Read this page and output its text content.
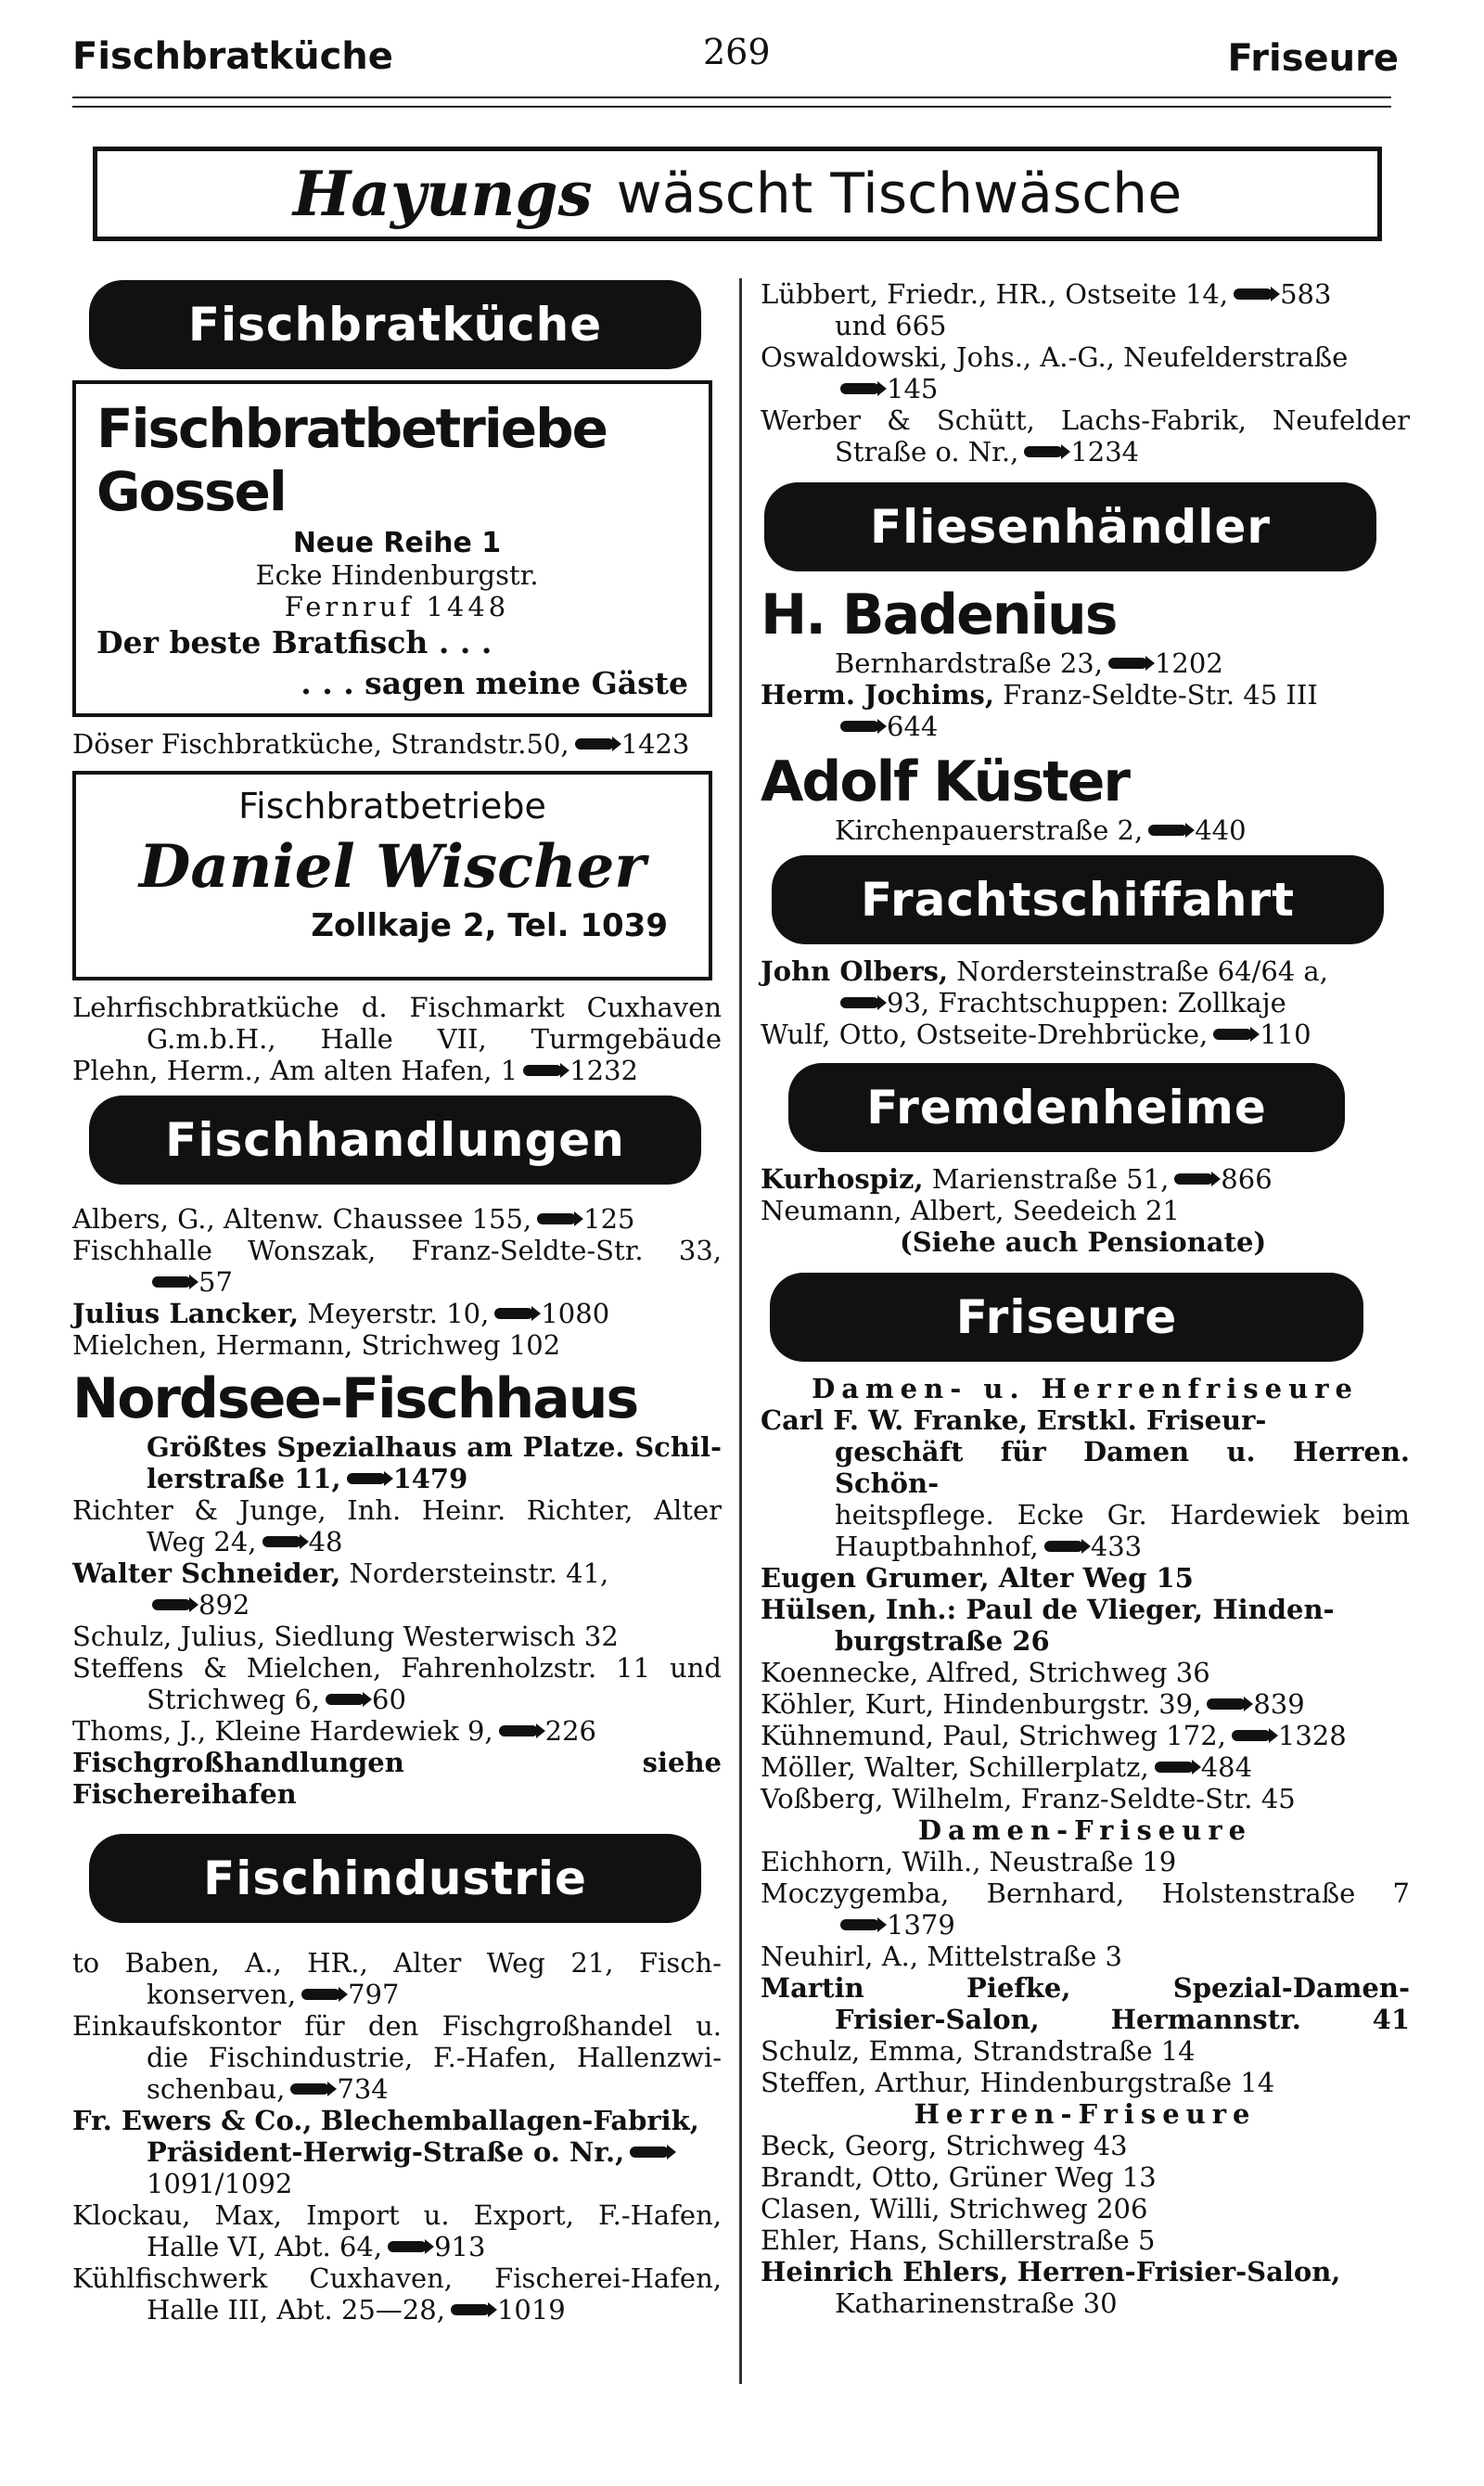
Fischbratküche	269	Friseure
Hayungs wäscht Tischwäsche
Fischbratküche
Fischbratbetriebe Gossel
Neue Reihe 1
Ecke Hindenburgstr.
Fernruf 1448
Der beste Bratfisch . . .
. . . sagen meine Gäste
Döser Fischbratküche, Strandstr.50, 1423
Fischbratbetriebe
Daniel Wischer
Zollkaje 2, Tel. 1039
Lehrfischbratküche d. Fischmarkt Cuxhaven
G.m.b.H., Halle VII, Turmgebäude
Plehn, Herm., Am alten Hafen, 1 1232
Fischhandlungen
Albers, G., Altenw. Chaussee 155, 125
Fischhalle Wonszak, Franz-Seldte-Str. 33,
57
Julius Lancker, Meyerstr. 10, 1080
Mielchen, Hermann, Strichweg 102
Nordsee-Fischhaus
Größtes Spezialhaus am Platze. Schil-
lerstraße 11, 1479
Richter & Junge, Inh. Heinr. Richter, Alter
Weg 24, 48
Walter Schneider, Nordersteinstr. 41,
892
Schulz, Julius, Siedlung Westerwisch 32
Steffens & Mielchen, Fahrenholzstr. 11 und
Strichweg 6, 60
Thoms, J., Kleine Hardewiek 9, 226
Fischgroßhandlungen siehe Fischereihafen
Fischindustrie
to Baben, A., HR., Alter Weg 21, Fisch-
konserven, 797
Einkaufskontor für den Fischgroßhandel u.
die Fischindustrie, F.-Hafen, Hallenzwi-
schenbau, 734
Fr. Ewers & Co., Blechemballagen-Fabrik,
Präsident-Herwig-Straße o. Nr.,
1091/1092
Klockau, Max, Import u. Export, F.-Hafen,
Halle VI, Abt. 64, 913
Kühlfischwerk Cuxhaven, Fischerei-Hafen,
Halle III, Abt. 25—28, 1019
Lübbert, Friedr., HR., Ostseite 14, 583
und 665
Oswaldowski, Johs., A.-G., Neufelderstraße
145
Werber & Schütt, Lachs-Fabrik, Neufelder
Straße o. Nr., 1234
Fliesenhändler
H. Badenius
Bernhardstraße 23, 1202
Herm. Jochims, Franz-Seldte-Str. 45 III
644
Adolf Küster
Kirchenpauerstraße 2, 440
Frachtschiffahrt
John Olbers, Nordersteinstraße 64/64 a,
93, Frachtschuppen: Zollkaje
Wulf, Otto, Ostseite-Drehbrücke, 110
Fremdenheime
Kurhospiz, Marienstraße 51, 866
Neumann, Albert, Seedeich 21
(Siehe auch Pensionate)
Friseure
Damen- u. Herrenfriseure
Carl F. W. Franke, Erstkl. Friseur-
geschäft für Damen u. Herren. Schön-
heitspflege. Ecke Gr. Hardewiek beim
Hauptbahnhof, 433
Eugen Grumer, Alter Weg 15
Hülsen, Inh.: Paul de Vlieger, Hinden-
burgstraße 26
Koennecke, Alfred, Strichweg 36
Köhler, Kurt, Hindenburgstr. 39, 839
Kühnemund, Paul, Strichweg 172, 1328
Möller, Walter, Schillerplatz, 484
Voßberg, Wilhelm, Franz-Seldte-Str. 45
Damen-Friseure
Eichhorn, Wilh., Neustraße 19
Moczygemba, Bernhard, Holstenstraße 7
1379
Neuhirl, A., Mittelstraße 3
Martin Piefke, Spezial-Damen-
Frisier-Salon, Hermannstr. 41
Schulz, Emma, Strandstraße 14
Steffen, Arthur, Hindenburgstraße 14
Herren-Friseure
Beck, Georg, Strichweg 43
Brandt, Otto, Grüner Weg 13
Clasen, Willi, Strichweg 206
Ehler, Hans, Schillerstraße 5
Heinrich Ehlers, Herren-Frisier-Salon,
Katharinenstraße 30
